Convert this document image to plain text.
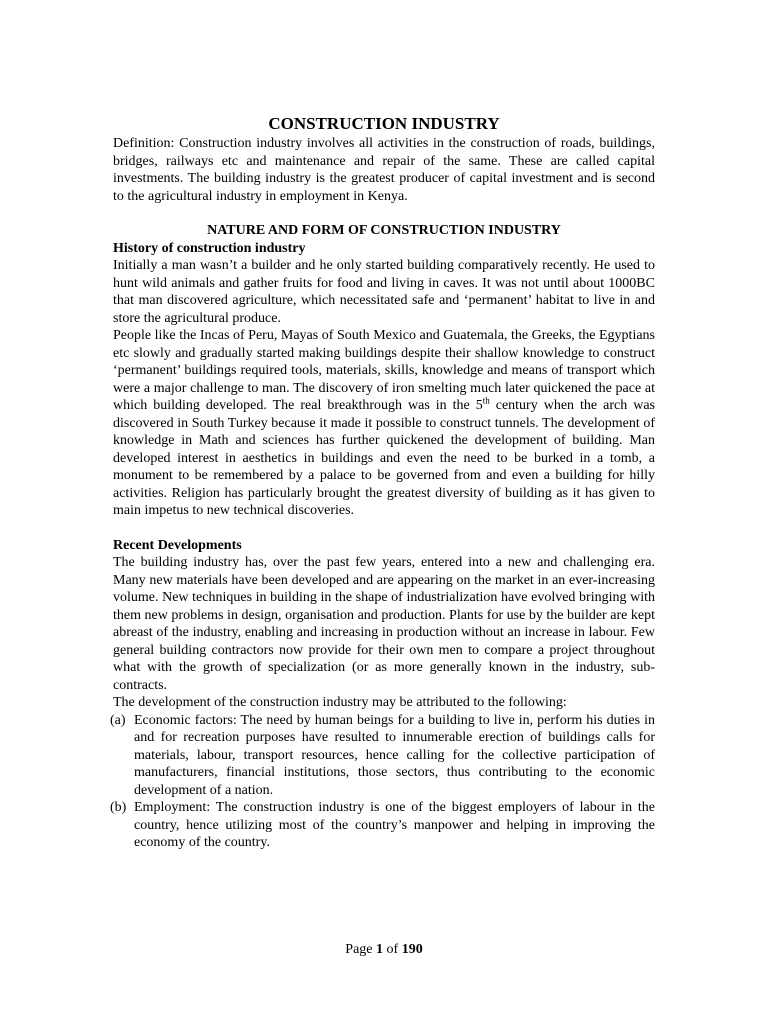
CONSTRUCTION INDUSTRY

Definition: Construction industry involves all activities in the construction of roads, buildings, bridges, railways etc and maintenance and repair of the same. These are called capital investments. The building industry is the greatest producer of capital investment and is second to the agricultural industry in employment in Kenya.

NATURE AND FORM OF CONSTRUCTION INDUSTRY

History of construction industry

Initially a man wasn’t a builder and he only started building comparatively recently. He used to hunt wild animals and gather fruits for food and living in caves. It was not until about 1000BC that man discovered agriculture, which necessitated safe and ‘permanent’ habitat to live in and store the agricultural produce.

People like the Incas of Peru, Mayas of South Mexico and Guatemala, the Greeks, the Egyptians etc slowly and gradually started making buildings despite their shallow knowledge to construct ‘permanent’ buildings required tools, materials, skills, knowledge and means of transport which were a major challenge to man. The discovery of iron smelting much later quickened the pace at which building developed. The real breakthrough was in the 5th century when the arch was discovered in South Turkey because it made it possible to construct tunnels. The development of knowledge in Math and sciences has further quickened the development of building. Man developed interest in aesthetics in buildings and even the need to be burked in a tomb, a monument to be remembered by a palace to be governed from and even a building for hilly activities. Religion has particularly brought the greatest diversity of building as it has given to main impetus to new technical discoveries.

Recent Developments

The building industry has, over the past few years, entered into a new and challenging era. Many new materials have been developed and are appearing on the market in an ever-increasing volume. New techniques in building in the shape of industrialization have evolved bringing with them new problems in design, organisation and production. Plants for use by the builder are kept abreast of the industry, enabling and increasing in production without an increase in labour. Few general building contractors now provide for their own men to compare a project throughout what with the growth of specialization (or as more generally known in the industry, sub-contracts.

The development of the construction industry may be attributed to the following:

(a) Economic factors: The need by human beings for a building to live in, perform his duties in and for recreation purposes have resulted to innumerable erection of buildings calls for materials, labour, transport resources, hence calling for the collective participation of manufacturers, financial institutions, those sectors, thus contributing to the economic development of a nation.
(b) Employment: The construction industry is one of the biggest employers of labour in the country, hence utilizing most of the country’s manpower and helping in improving the economy of the country.
Page 1 of 190
